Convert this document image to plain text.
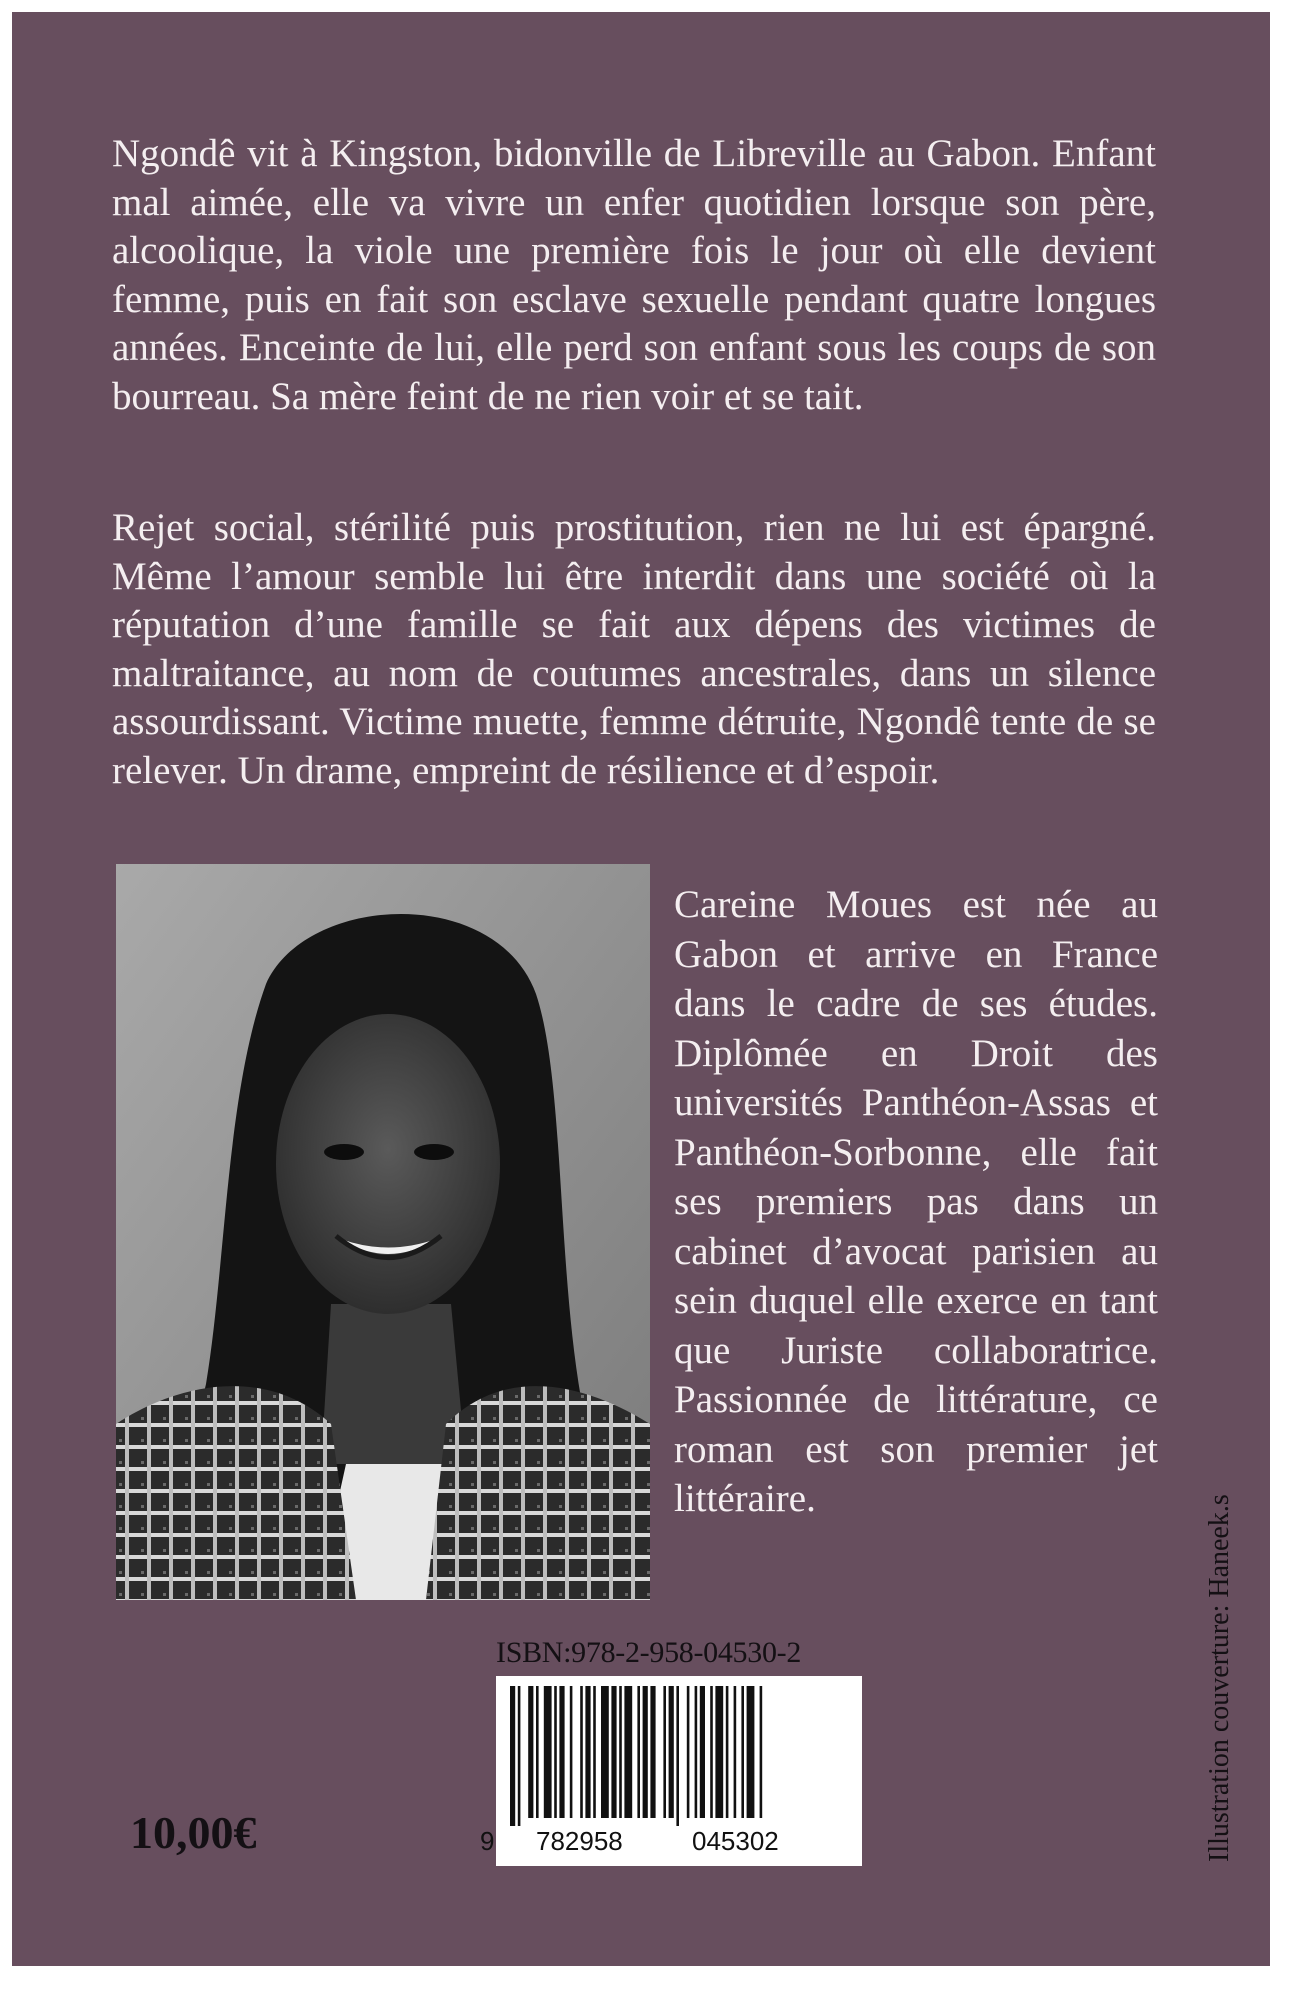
Ngondê vit à Kingston, bidonville de Libreville au Gabon. Enfant mal aimée, elle va vivre un enfer quotidien lorsque son père, alcoolique, la viole une première fois le jour où elle devient femme, puis en fait son esclave sexuelle pendant quatre longues années. Enceinte de lui, elle perd son enfant sous les coups de son bourreau. Sa mère feint de ne rien voir et se tait.

Rejet social, stérilité puis prostitution, rien ne lui est épargné. Même l’amour semble lui être interdit dans une société où la réputation d’une famille se fait aux dépens des victimes de maltraitance, au nom de coutumes ancestrales, dans un silence assourdissant. Victime muette, femme détruite, Ngondê tente de se relever. Un drame, empreint de résilience et d’espoir.

Careine Moues est née au Gabon et arrive en France dans le cadre de ses études. Diplômée en Droit des universités Panthéon-Assas et Panthéon-Sorbonne, elle fait ses premiers pas dans un cabinet d’avocat parisien au sein duquel elle exerce en tant que Juriste collaboratrice. Passionnée de littérature, ce roman est son premier jet littéraire.

ISBN:978-2-958-04530-2
9 782958	045302
10,00€	Illustration couverture: Haneek.s
